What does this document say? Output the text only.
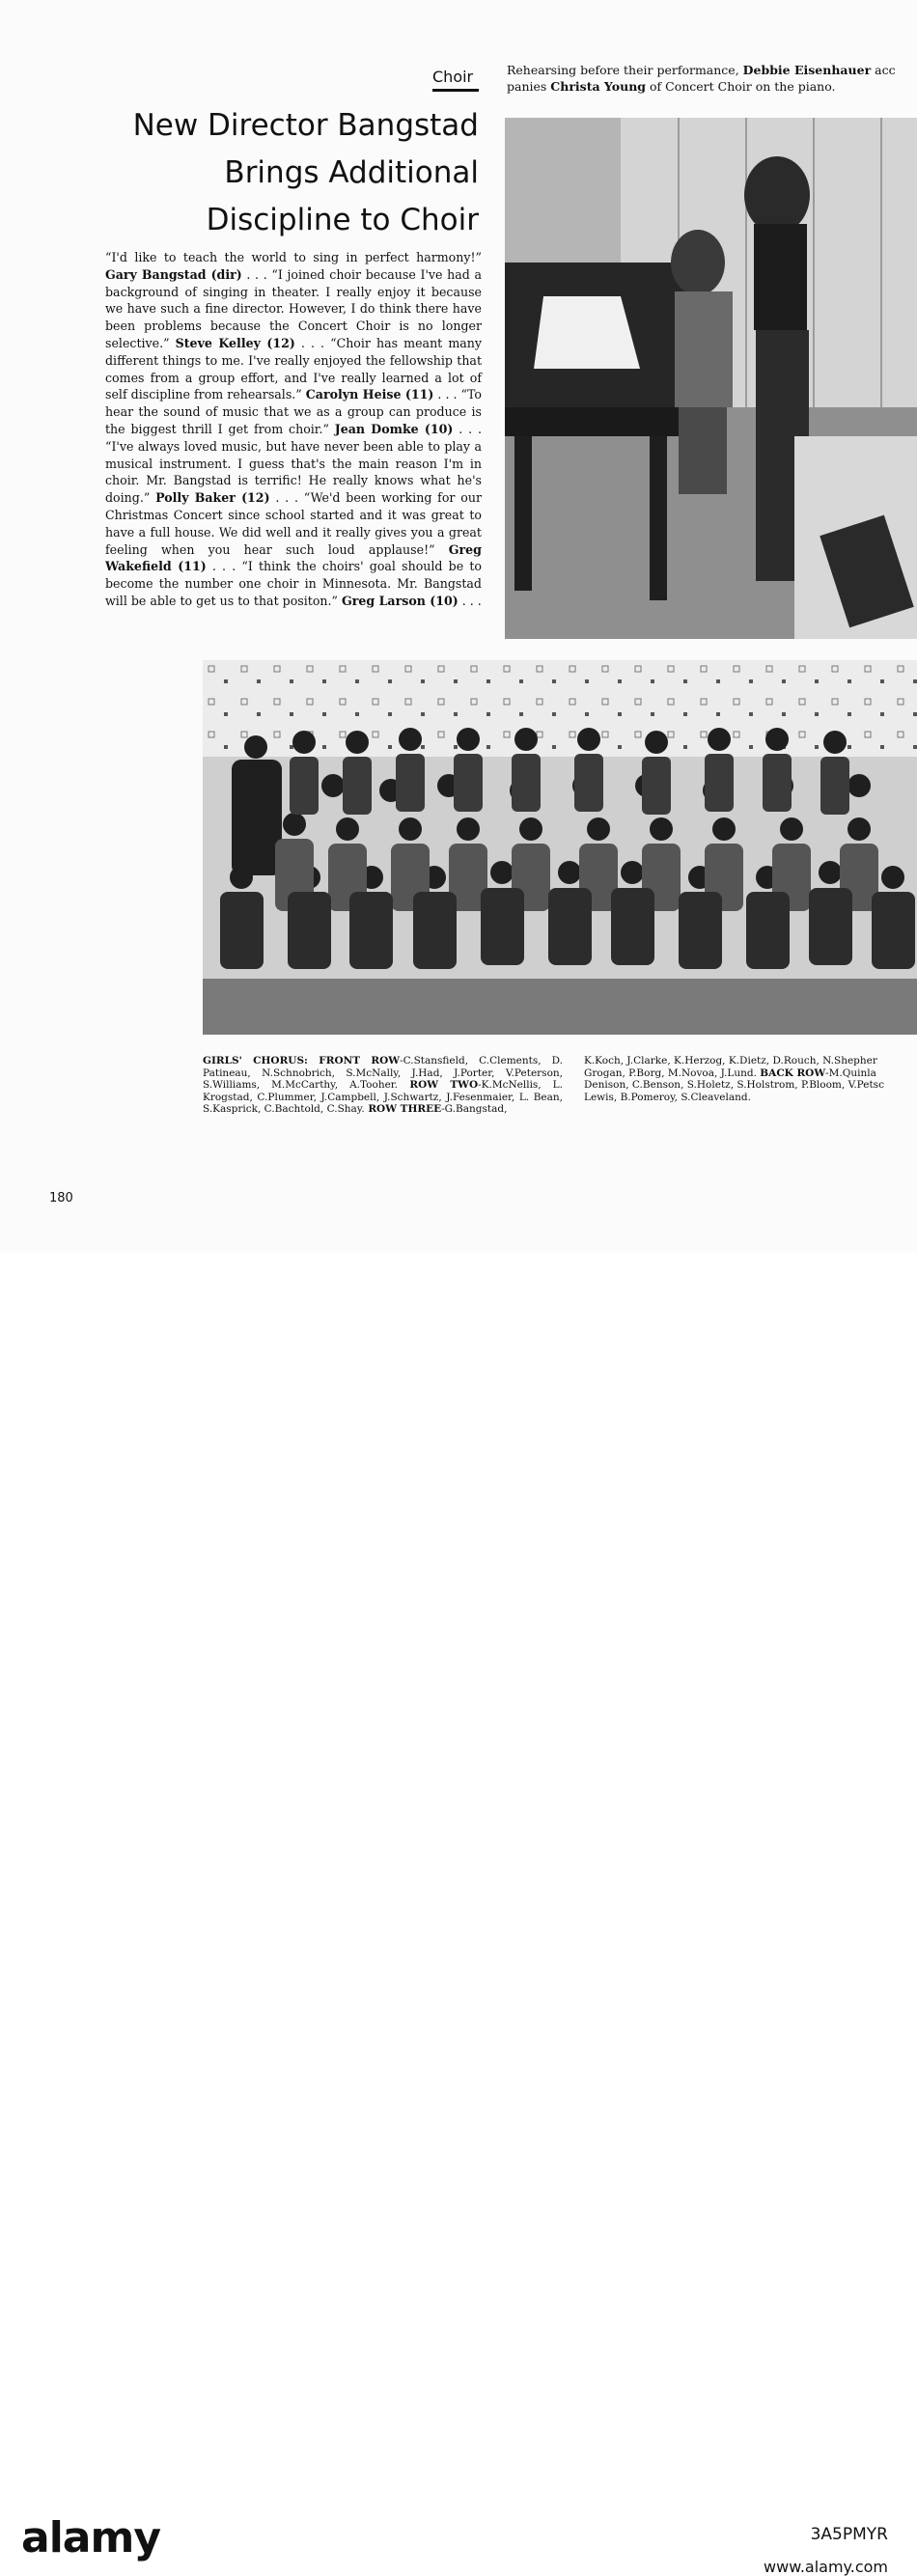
Choir
New Director Bangstad
Brings Additional
Discipline to Choir
Rehearsing before their performance, Debbie Eisenhauer acc
panies Christa Young of Concert Choir on the piano.

“I'd like to teach the world to sing in perfect harmony!” Gary Bangstad (dir) . . . “I joined choir because I've had a background of singing in theater. I really enjoy it because we have such a fine director. However, I do think there have been problems because the Concert Choir is no longer selective.” Steve Kelley (12) . . . “Choir has meant many different things to me. I've really enjoyed the fellowship that comes from a group effort, and I've really learned a lot of self discipline from rehearsals.” Carolyn Heise (11) . . . “To hear the sound of music that we as a group can produce is the biggest thrill I get from choir.” Jean Domke (10) . . . “I've always loved music, but have never been able to play a musical instrument. I guess that's the main reason I'm in choir. Mr. Bangstad is terrific! He really knows what he's doing.” Polly Baker (12) . . . “We'd been working for our Christmas Concert since school started and it was great to have a full house. We did well and it really gives you a great feeling when you hear such loud applause!” Greg Wakefield (11) . . . “I think the choirs' goal should be to become the number one choir in Minnesota. Mr. Bangstad will be able to get us to that positon.” Greg Larson (10) . . .

GIRLS' CHORUS: FRONT ROW-C.Stansfield, C.Clements, D. Patineau, N.Schnobrich, S.McNally, J.Had, J.Porter, V.Peterson, S.Williams, M.McCarthy, A.Tooher. ROW TWO-K.McNellis, L. Krogstad, C.Plummer, J.Campbell, J.Schwartz, J.Fesenmaier, L. Bean, S.Kasprick, C.Bachtold, C.Shay. ROW THREE-G.Bangstad,
K.Koch, J.Clarke, K.Herzog, K.Dietz, D.Rouch, N.Shepher
Grogan, P.Borg, M.Novoa, J.Lund. BACK ROW-M.Quinla
Denison, C.Benson, S.Holetz, S.Holstrom, P.Bloom, V.Petsc
Lewis, B.Pomeroy, S.Cleaveland.
180
alamy	3A5PMYR
www.alamy.com
